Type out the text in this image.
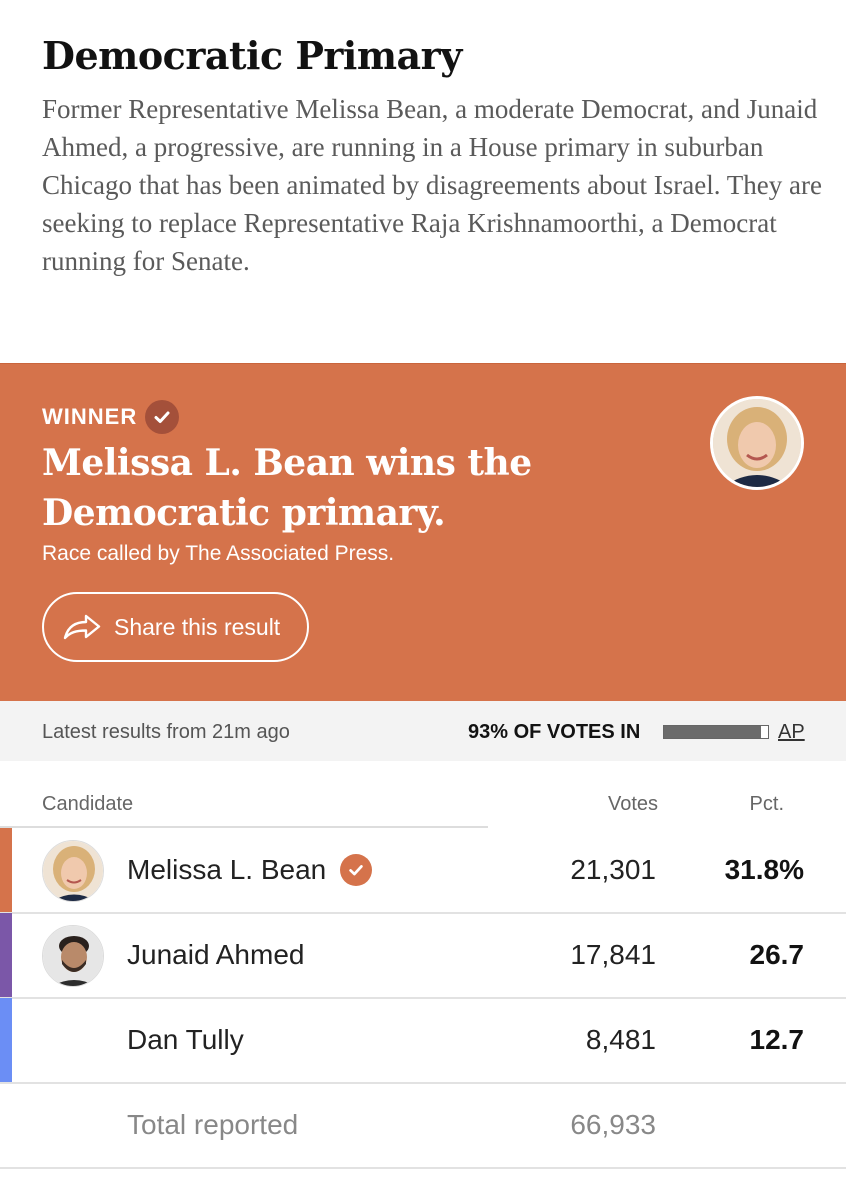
Democratic Primary

Former Representative Melissa Bean, a moderate Democrat, and Junaid Ahmed, a progressive, are running in a House primary in suburban Chicago that has been animated by disagreements about Israel. They are seeking to replace Representative Raja Krishnamoorthi, a Democrat running for Senate.

WINNER
Melissa L. Bean wins the Democratic primary.
Race called by The Associated Press.
Share this result
Latest results from 21m ago	93% OF VOTES IN	AP
Candidate	Votes	Pct.
Melissa L. Bean	21,301 31.8%
Junaid Ahmed	17,841	26.7
Dan Tully	8,481	12.7
Total reported	66,933
